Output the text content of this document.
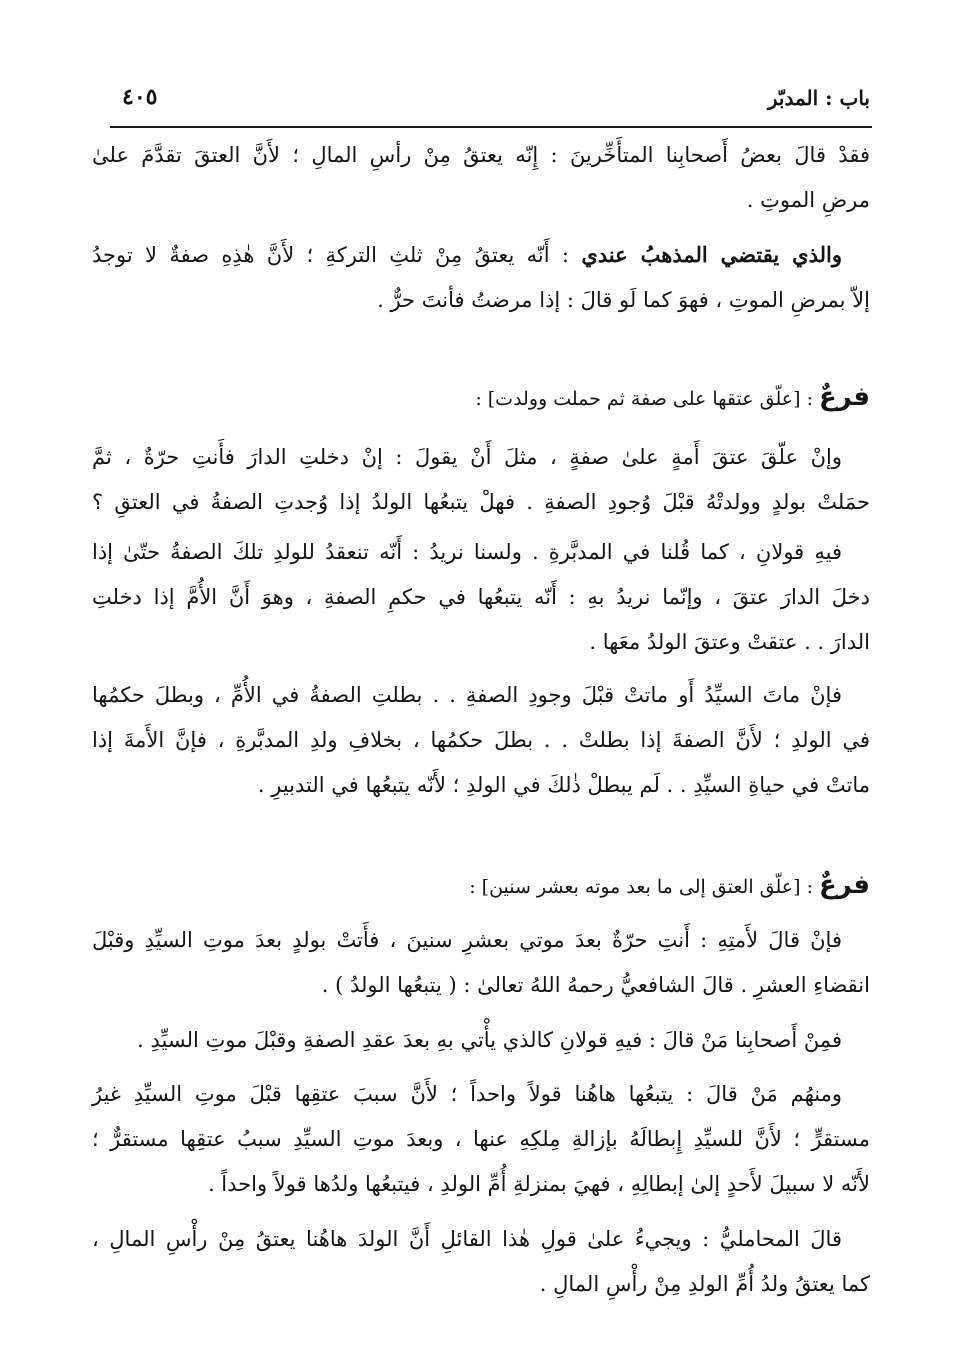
باب : المدبّر
٤٠٥
فقدْ قالَ بعضُ أَصحابِنا المتأَخِّرينَ : إِنّه يعتقُ مِنْ رأسِ المالِ ؛ لأَنَّ العتقَ تقدَّمَ علىٰ
مرضِ الموتِ .
والذي يقتضي المذهبُ عندي : أَنّه يعتقُ مِنْ ثلثِ التركةِ ؛ لأَنَّ هٰذِهِ صفةٌ لا توجدُ
إلاّ بمرضِ الموتِ ، فهوَ كما لَو قالَ : إذا مرضتُ فأنتَ حرٌّ .
فرعٌ : [علّق عتقها على صفة ثم حملت وولدت] :
وإنْ علّقَ عتقَ أَمةٍ علىٰ صفةٍ ، مثلَ أَنْ يقولَ : إنْ دخلتِ الدارَ فأَنتِ حرّةٌ ، ثمَّ
حمَلتْ بولدٍ وولدتْهُ قبْلَ وُجودِ الصفةِ . فهلْ يتبعُها الولدُ إذا وُجدتِ الصفةُ في العتقِ ؟
فيهِ قولانِ ، كما قُلنا في المدبَّرةِ . ولسنا نريدُ : أَنّه تنعقدُ للولدِ تلكَ الصفةُ حتّىٰ إذا
دخلَ الدارَ عتقَ ، وإنّما نريدُ بهِ : أَنّه يتبعُها في حكمِ الصفةِ ، وهوَ أَنَّ الأُمَّ إذا دخلتِ
الدارَ . . عتقتْ وعتقَ الولدُ معَها .
فإنْ ماتَ السيِّدُ أَو ماتتْ قبْلَ وجودِ الصفةِ . . بطلتِ الصفةُ في الأُمِّ ، وبطلَ حكمُها
في الولدِ ؛ لأَنَّ الصفةَ إذا بطلتْ . . بطلَ حكمُها ، بخلافِ ولدِ المدبَّرةِ ، فإنَّ الأَمةَ إذا
ماتتْ في حياةِ السيِّدِ . . لَم يبطلْ ذٰلكَ في الولدِ ؛ لأَنّه يتبعُها في التدبيرِ .
فرعٌ : [علّق العتق إلى ما بعد موته بعشر سنين] :
فإنْ قالَ لأَمتِهِ : أَنتِ حرّةٌ بعدَ موتي بعشرِ سنينَ ، فأَتتْ بولدٍ بعدَ موتِ السيِّدِ وقبْلَ
انقضاءِ العشرِ . قالَ الشافعيُّ رحمهُ اللهُ تعالىٰ : ( يتبعُها الولدُ ) .
فمِنْ أَصحابِنا مَنْ قالَ : فيهِ قولانِ كالذي يأْتي بهِ بعدَ عقدِ الصفةِ وقبْلَ موتِ السيِّدِ .
ومنهُم مَنْ قالَ : يتبعُها هاهُنا قولاً واحداً ؛ لأَنَّ سببَ عتقِها قبْلَ موتِ السيِّدِ غيرُ
مستقرٍّ ؛ لأَنَّ للسيِّدِ إِبطالَهُ بإزالةِ مِلكِهِ عنها ، وبعدَ موتِ السيِّدِ سببُ عتقِها مستقرٌّ ؛
لأَنّه لا سبيلَ لأَحدٍ إلىٰ إبطالِهِ ، فهيَ بمنزلةِ أُمِّ الولدِ ، فيتبعُها ولدُها قولاً واحداً .
قالَ المحامليُّ : ويجيءُ علىٰ قولِ هٰذا القائلِ أَنَّ الولدَ هاهُنا يعتقُ مِنْ رأْسِ المالِ ،
كما يعتقُ ولدُ أُمِّ الولدِ مِنْ رأْسِ المالِ .
